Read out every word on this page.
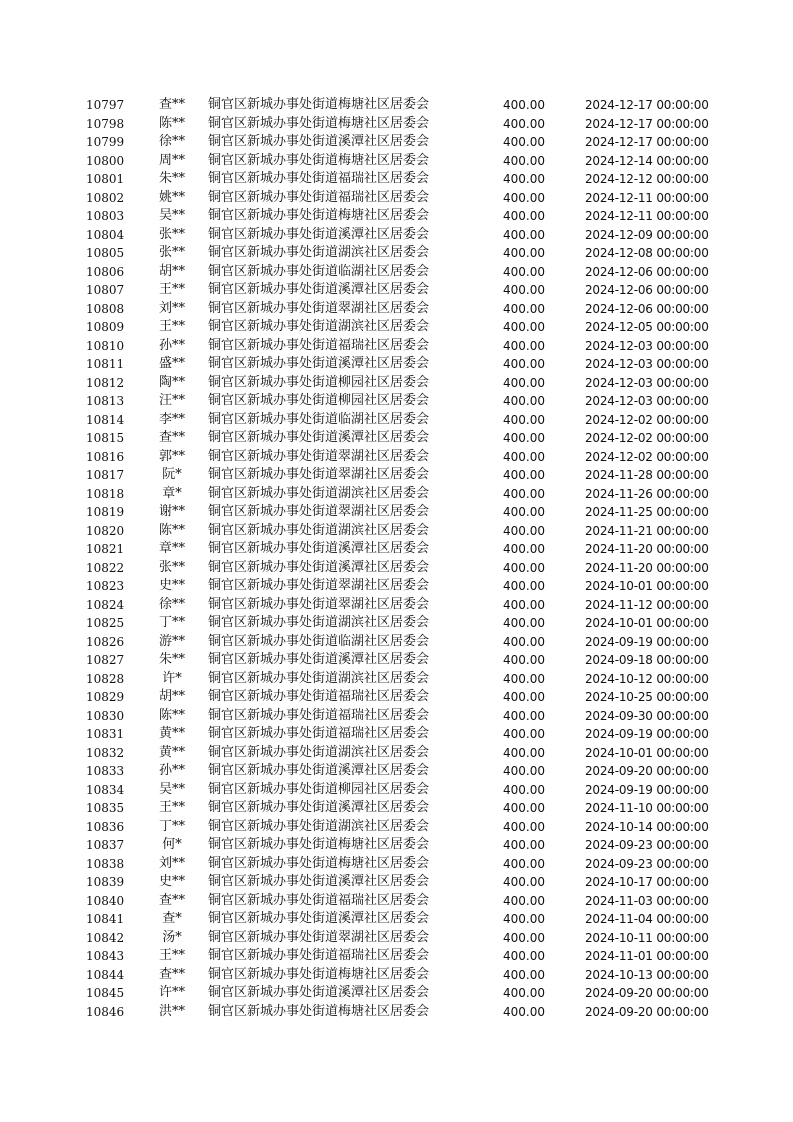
10797	查**	铜官区新城办事处街道梅塘社区居委会	400.00	2024-12-17 00:00:00
10798	陈**	铜官区新城办事处街道梅塘社区居委会	400.00	2024-12-17 00:00:00
10799	徐**	铜官区新城办事处街道溪潭社区居委会	400.00	2024-12-17 00:00:00
10800	周**	铜官区新城办事处街道梅塘社区居委会	400.00	2024-12-14 00:00:00
10801	朱**	铜官区新城办事处街道福瑞社区居委会	400.00	2024-12-12 00:00:00
10802	姚**	铜官区新城办事处街道福瑞社区居委会	400.00	2024-12-11 00:00:00
10803	吴**	铜官区新城办事处街道梅塘社区居委会	400.00	2024-12-11 00:00:00
10804	张**	铜官区新城办事处街道溪潭社区居委会	400.00	2024-12-09 00:00:00
10805	张**	铜官区新城办事处街道湖滨社区居委会	400.00	2024-12-08 00:00:00
10806	胡**	铜官区新城办事处街道临湖社区居委会	400.00	2024-12-06 00:00:00
10807	王**	铜官区新城办事处街道溪潭社区居委会	400.00	2024-12-06 00:00:00
10808	刘**	铜官区新城办事处街道翠湖社区居委会	400.00	2024-12-06 00:00:00
10809	王**	铜官区新城办事处街道湖滨社区居委会	400.00	2024-12-05 00:00:00
10810	孙**	铜官区新城办事处街道福瑞社区居委会	400.00	2024-12-03 00:00:00
10811	盛**	铜官区新城办事处街道溪潭社区居委会	400.00	2024-12-03 00:00:00
10812	陶**	铜官区新城办事处街道柳园社区居委会	400.00	2024-12-03 00:00:00
10813	汪**	铜官区新城办事处街道柳园社区居委会	400.00	2024-12-03 00:00:00
10814	李**	铜官区新城办事处街道临湖社区居委会	400.00	2024-12-02 00:00:00
10815	查**	铜官区新城办事处街道溪潭社区居委会	400.00	2024-12-02 00:00:00
10816	郭**	铜官区新城办事处街道翠湖社区居委会	400.00	2024-12-02 00:00:00
10817	阮*	铜官区新城办事处街道翠湖社区居委会	400.00	2024-11-28 00:00:00
10818	章*	铜官区新城办事处街道湖滨社区居委会	400.00	2024-11-26 00:00:00
10819	谢**	铜官区新城办事处街道翠湖社区居委会	400.00	2024-11-25 00:00:00
10820	陈**	铜官区新城办事处街道湖滨社区居委会	400.00	2024-11-21 00:00:00
10821	章**	铜官区新城办事处街道溪潭社区居委会	400.00	2024-11-20 00:00:00
10822	张**	铜官区新城办事处街道溪潭社区居委会	400.00	2024-11-20 00:00:00
10823	史**	铜官区新城办事处街道翠湖社区居委会	400.00	2024-10-01 00:00:00
10824	徐**	铜官区新城办事处街道翠湖社区居委会	400.00	2024-11-12 00:00:00
10825	丁**	铜官区新城办事处街道湖滨社区居委会	400.00	2024-10-01 00:00:00
10826	游**	铜官区新城办事处街道临湖社区居委会	400.00	2024-09-19 00:00:00
10827	朱**	铜官区新城办事处街道溪潭社区居委会	400.00	2024-09-18 00:00:00
10828	许*	铜官区新城办事处街道湖滨社区居委会	400.00	2024-10-12 00:00:00
10829	胡**	铜官区新城办事处街道福瑞社区居委会	400.00	2024-10-25 00:00:00
10830	陈**	铜官区新城办事处街道福瑞社区居委会	400.00	2024-09-30 00:00:00
10831	黄**	铜官区新城办事处街道福瑞社区居委会	400.00	2024-09-19 00:00:00
10832	黄**	铜官区新城办事处街道湖滨社区居委会	400.00	2024-10-01 00:00:00
10833	孙**	铜官区新城办事处街道溪潭社区居委会	400.00	2024-09-20 00:00:00
10834	吴**	铜官区新城办事处街道柳园社区居委会	400.00	2024-09-19 00:00:00
10835	王**	铜官区新城办事处街道溪潭社区居委会	400.00	2024-11-10 00:00:00
10836	丁**	铜官区新城办事处街道湖滨社区居委会	400.00	2024-10-14 00:00:00
10837	何*	铜官区新城办事处街道梅塘社区居委会	400.00	2024-09-23 00:00:00
10838	刘**	铜官区新城办事处街道梅塘社区居委会	400.00	2024-09-23 00:00:00
10839	史**	铜官区新城办事处街道溪潭社区居委会	400.00	2024-10-17 00:00:00
10840	查**	铜官区新城办事处街道福瑞社区居委会	400.00	2024-11-03 00:00:00
10841	查*	铜官区新城办事处街道溪潭社区居委会	400.00	2024-11-04 00:00:00
10842	汤*	铜官区新城办事处街道翠湖社区居委会	400.00	2024-10-11 00:00:00
10843	王**	铜官区新城办事处街道福瑞社区居委会	400.00	2024-11-01 00:00:00
10844	查**	铜官区新城办事处街道梅塘社区居委会	400.00	2024-10-13 00:00:00
10845	许**	铜官区新城办事处街道溪潭社区居委会	400.00	2024-09-20 00:00:00
10846	洪**	铜官区新城办事处街道梅塘社区居委会	400.00	2024-09-20 00:00:00
